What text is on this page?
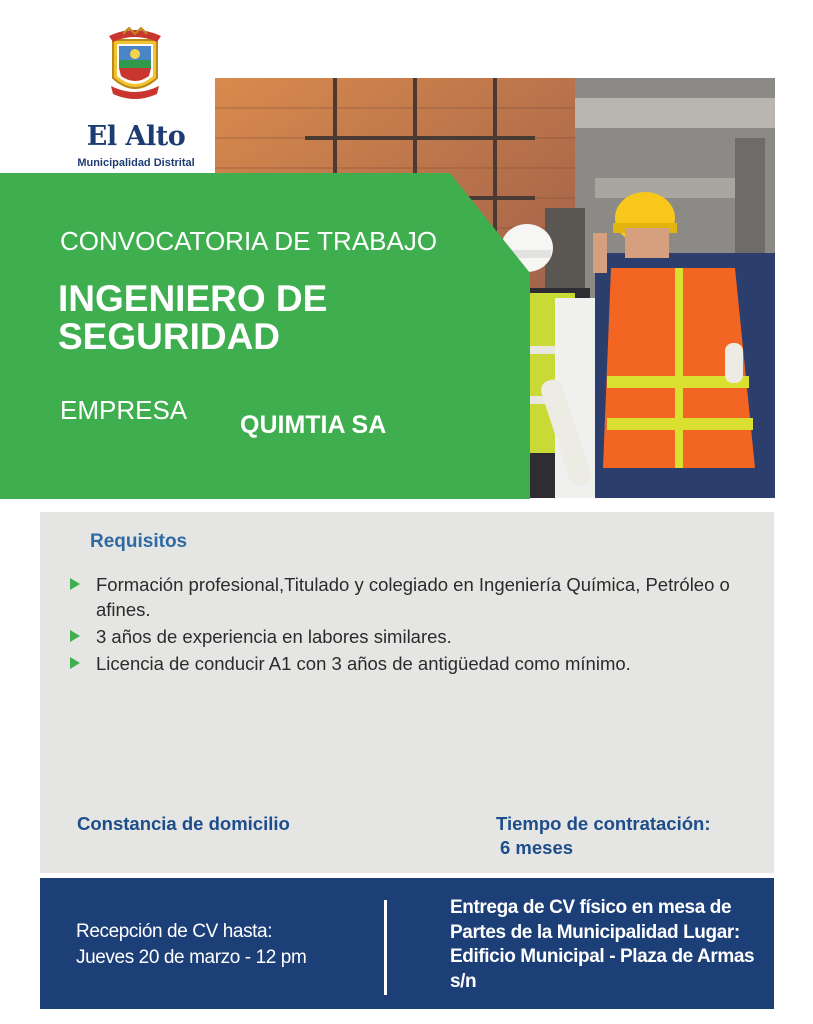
El Alto
Municipalidad Distrital
CONVOCATORIA DE TRABAJO
INGENIERO DE SEGURIDAD
EMPRESA QUIMTIA SA
Requisitos
Formación profesional,Titulado y colegiado en Ingeniería Química, Petróleo o afines.
3 años de experiencia en labores similares.
Licencia de conducir A1 con 3 años de antigüedad como mínimo.
Constancia de domicilio	Tiempo de contratación:
6 meses
Recepción de CV hasta:
Jueves 20 de marzo - 12 pm
Entrega de CV físico en mesa de Partes de la Municipalidad Lugar: Edificio Municipal - Plaza de Armas s/n
